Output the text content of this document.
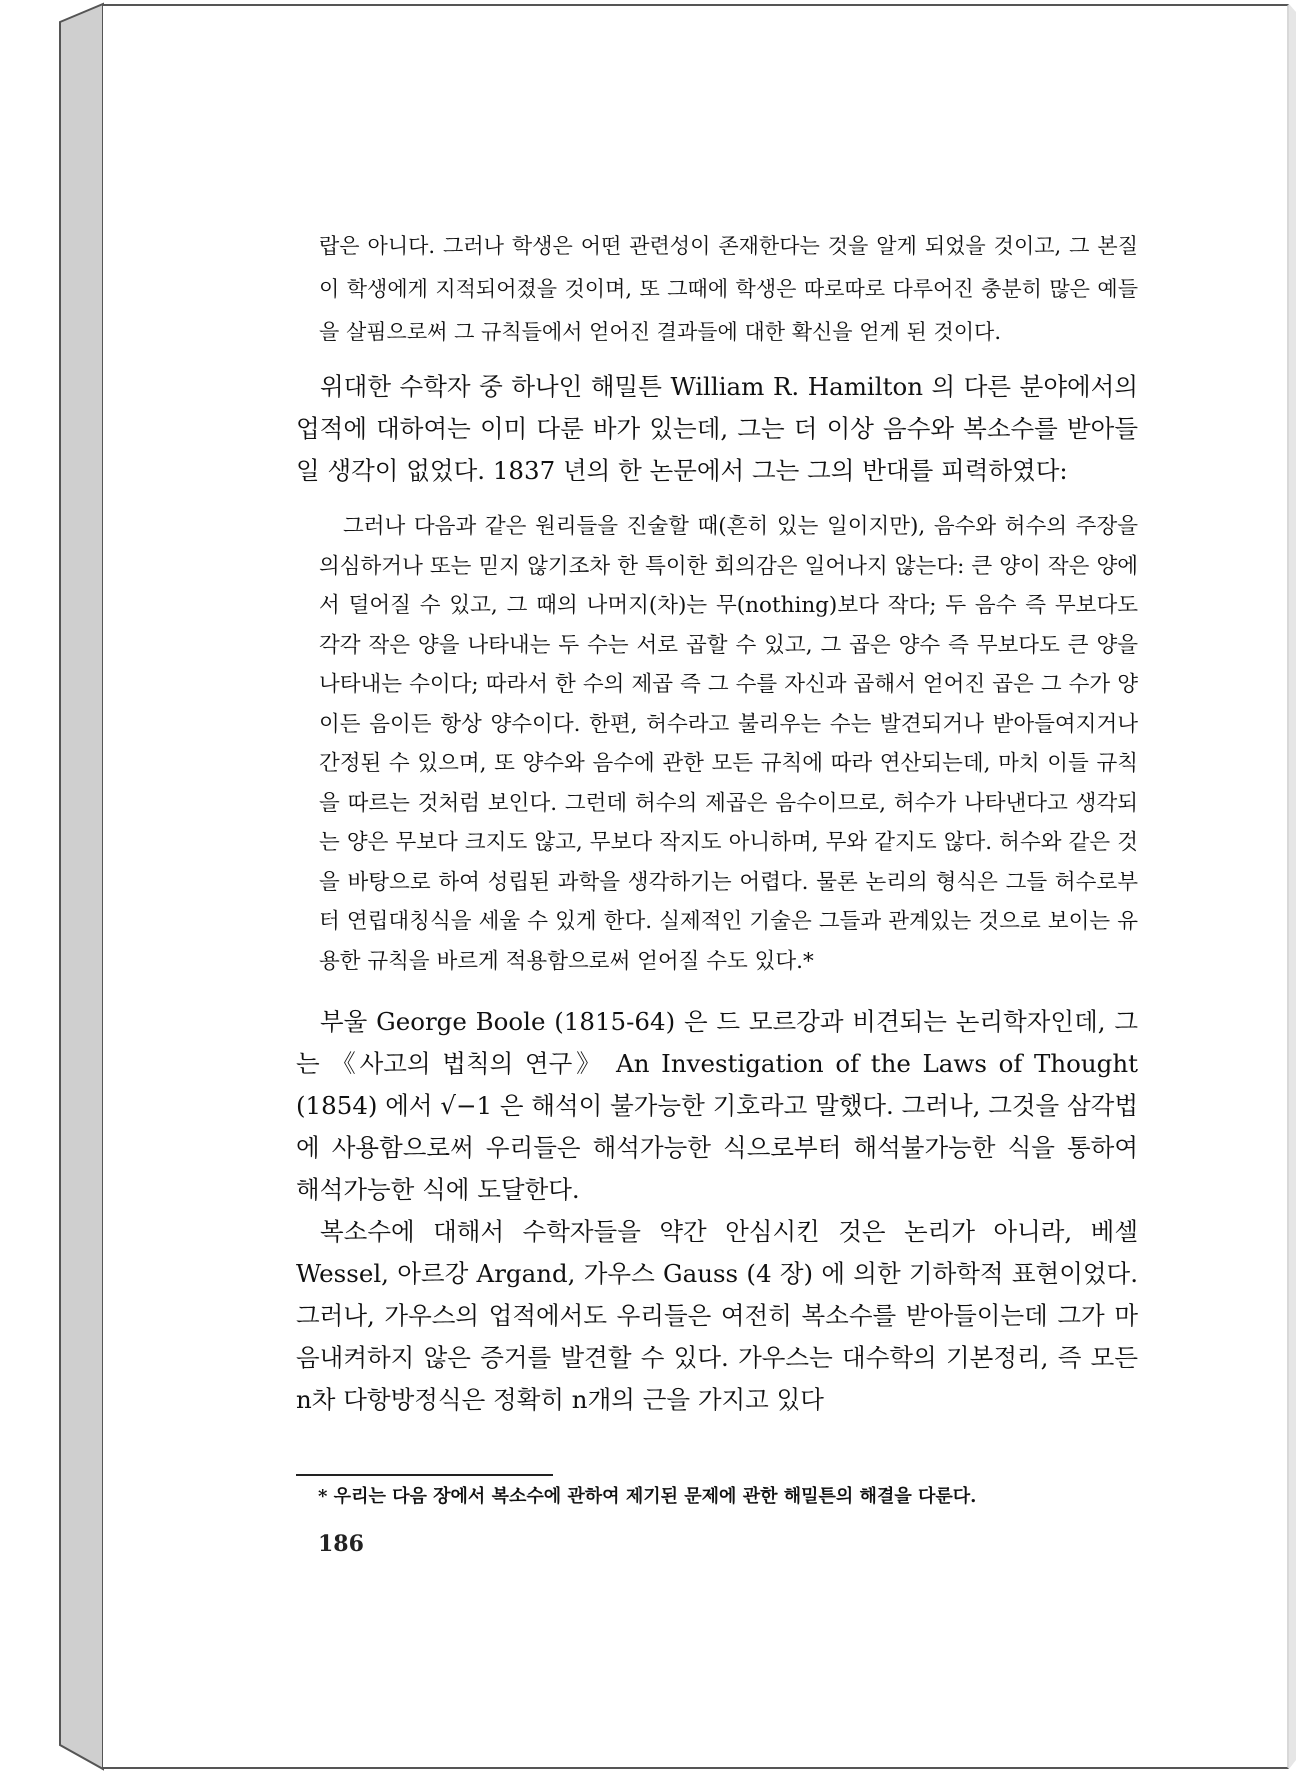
랍은 아니다. 그러나 학생은 어떤 관련성이 존재한다는 것을 알게 되었을 것이고, 그 본질이 학생에게 지적되어졌을 것이며, 또 그때에 학생은 따로따로 다루어진 충분히 많은 예들을 살핌으로써 그 규칙들에서 얻어진 결과들에 대한 확신을 얻게 된 것이다.

위대한 수학자 중 하나인 해밀튼 William R. Hamilton 의 다른 분야에서의 업적에 대하여는 이미 다룬 바가 있는데, 그는 더 이상 음수와 복소수를 받아들일 생각이 없었다. 1837 년의 한 논문에서 그는 그의 반대를 피력하였다:

그러나 다음과 같은 원리들을 진술할 때(흔히 있는 일이지만), 음수와 허수의 주장을 의심하거나 또는 믿지 않기조차 한 특이한 회의감은 일어나지 않는다: 큰 양이 작은 양에서 덜어질 수 있고, 그 때의 나머지(차)는 무(nothing)보다 작다; 두 음수 즉 무보다도 각각 작은 양을 나타내는 두 수는 서로 곱할 수 있고, 그 곱은 양수 즉 무보다도 큰 양을 나타내는 수이다; 따라서 한 수의 제곱 즉 그 수를 자신과 곱해서 얻어진 곱은 그 수가 양이든 음이든 항상 양수이다. 한편, 허수라고 불리우는 수는 발견되거나 받아들여지거나 간정된 수 있으며, 또 양수와 음수에 관한 모든 규칙에 따라 연산되는데, 마치 이들 규칙을 따르는 것처럼 보인다. 그런데 허수의 제곱은 음수이므로, 허수가 나타낸다고 생각되는 양은 무보다 크지도 않고, 무보다 작지도 아니하며, 무와 같지도 않다. 허수와 같은 것을 바탕으로 하여 성립된 과학을 생각하기는 어렵다. 물론 논리의 형식은 그들 허수로부터 연립대칭식을 세울 수 있게 한다. 실제적인 기술은 그들과 관계있는 것으로 보이는 유용한 규칙을 바르게 적용함으로써 얻어질 수도 있다.*

부울 George Boole (1815-64) 은 드 모르강과 비견되는 논리학자인데, 그는 《사고의 법칙의 연구》 An Investigation of the Laws of Thought (1854) 에서 √−1 은 해석이 불가능한 기호라고 말했다. 그러나, 그것을 삼각법에 사용함으로써 우리들은 해석가능한 식으로부터 해석불가능한 식을 통하여 해석가능한 식에 도달한다.

복소수에 대해서 수학자들을 약간 안심시킨 것은 논리가 아니라, 베셀 Wessel, 아르강 Argand, 가우스 Gauss (4 장) 에 의한 기하학적 표현이었다. 그러나, 가우스의 업적에서도 우리들은 여전히 복소수를 받아들이는데 그가 마음내켜하지 않은 증거를 발견할 수 있다. 가우스는 대수학의 기본정리, 즉 모든 n차 다항방정식은 정확히 n개의 근을 가지고 있다

* 우리는 다음 장에서 복소수에 관하여 제기된 문제에 관한 해밀튼의 해결을 다룬다.
186
